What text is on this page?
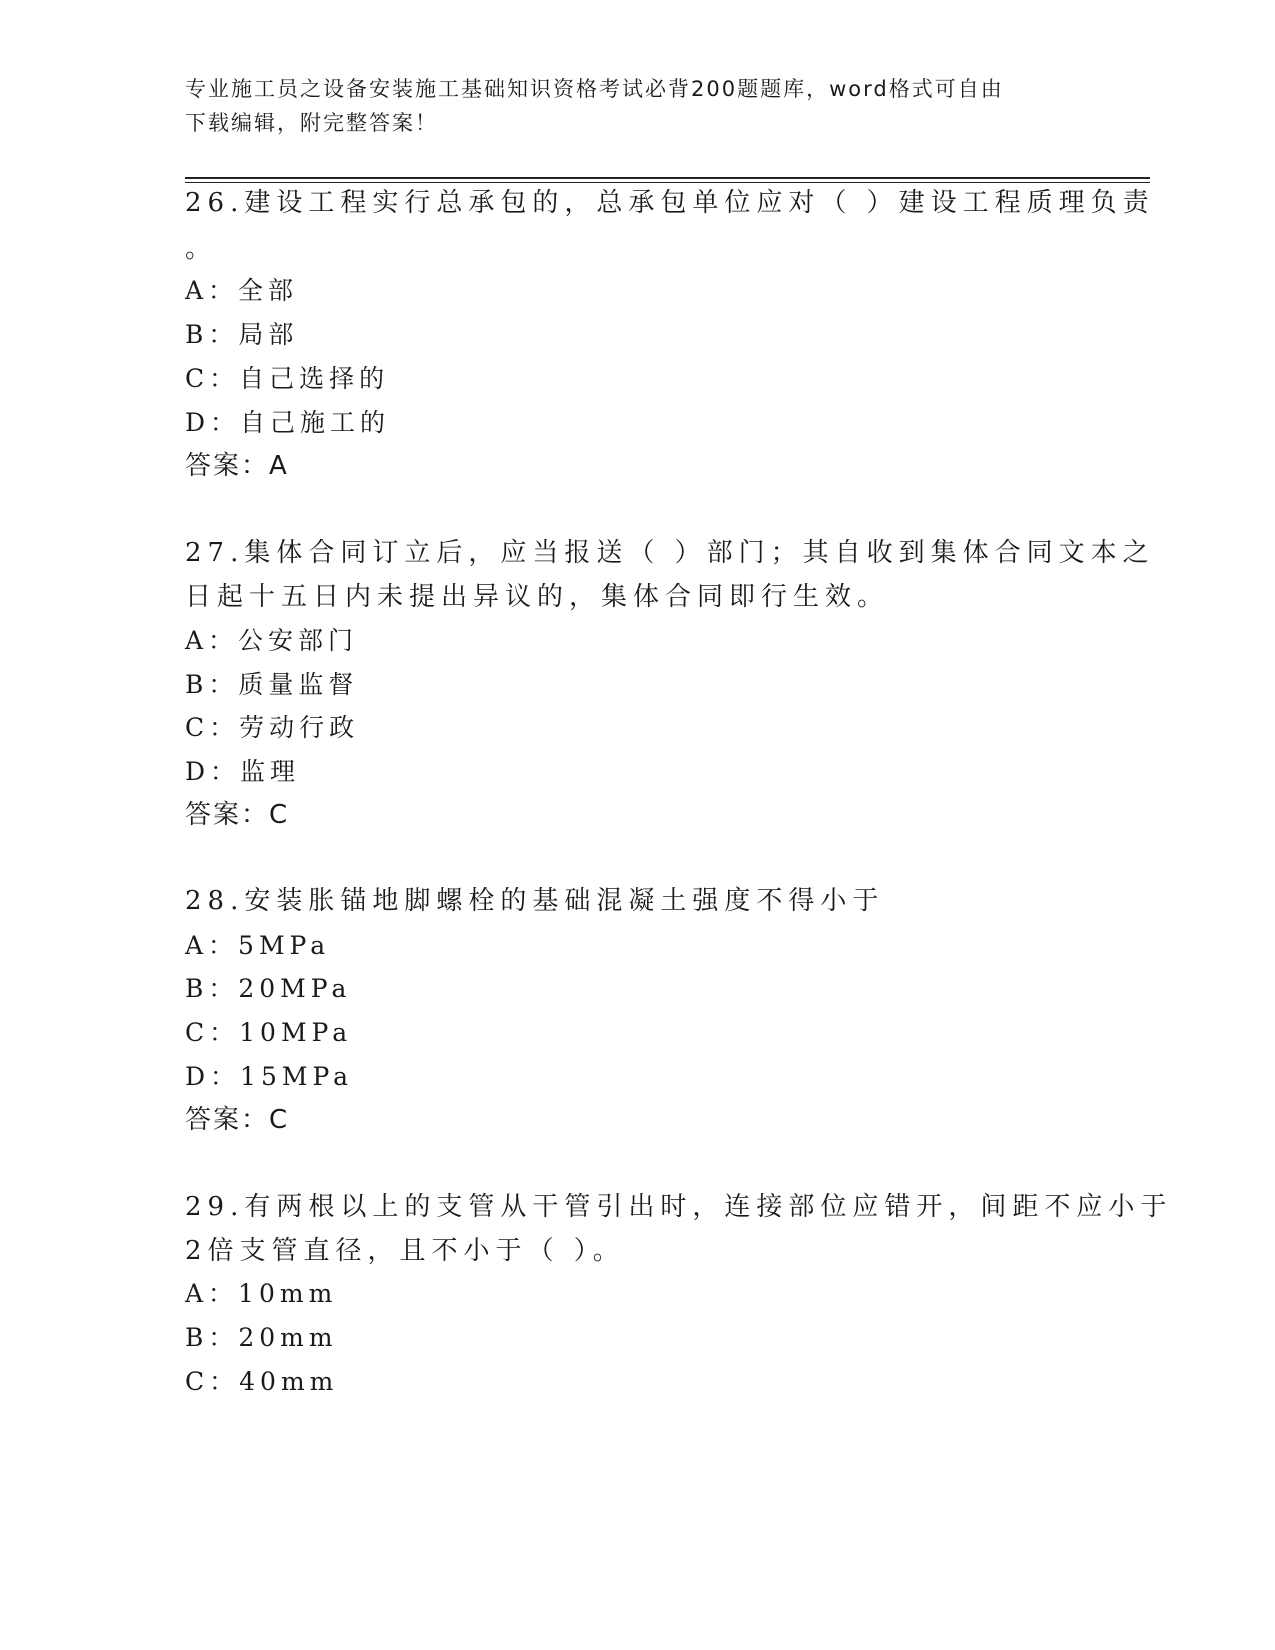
专业施工员之设备安装施工基础知识资格考试必背200题题库，word格式可自由
下载编辑，附完整答案！
26.建设工程实行总承包的，总承包单位应对（ ）建设工程质理负责
。
A：全部
B：局部
C：自己选择的
D：自己施工的
答案：A
27.集体合同订立后，应当报送（ ）部门；其自收到集体合同文本之
日起十五日内未提出异议的，集体合同即行生效。
A：公安部门
B：质量监督
C：劳动行政
D：监理
答案：C
28.安装胀锚地脚螺栓的基础混凝土强度不得小于
A：5MPa
B：20MPa
C：10MPa
D：15MPa
答案：C
29.有两根以上的支管从干管引出时，连接部位应错开，间距不应小于
2倍支管直径，且不小于（ ）。
A：10mm
B：20mm
C：40mm
